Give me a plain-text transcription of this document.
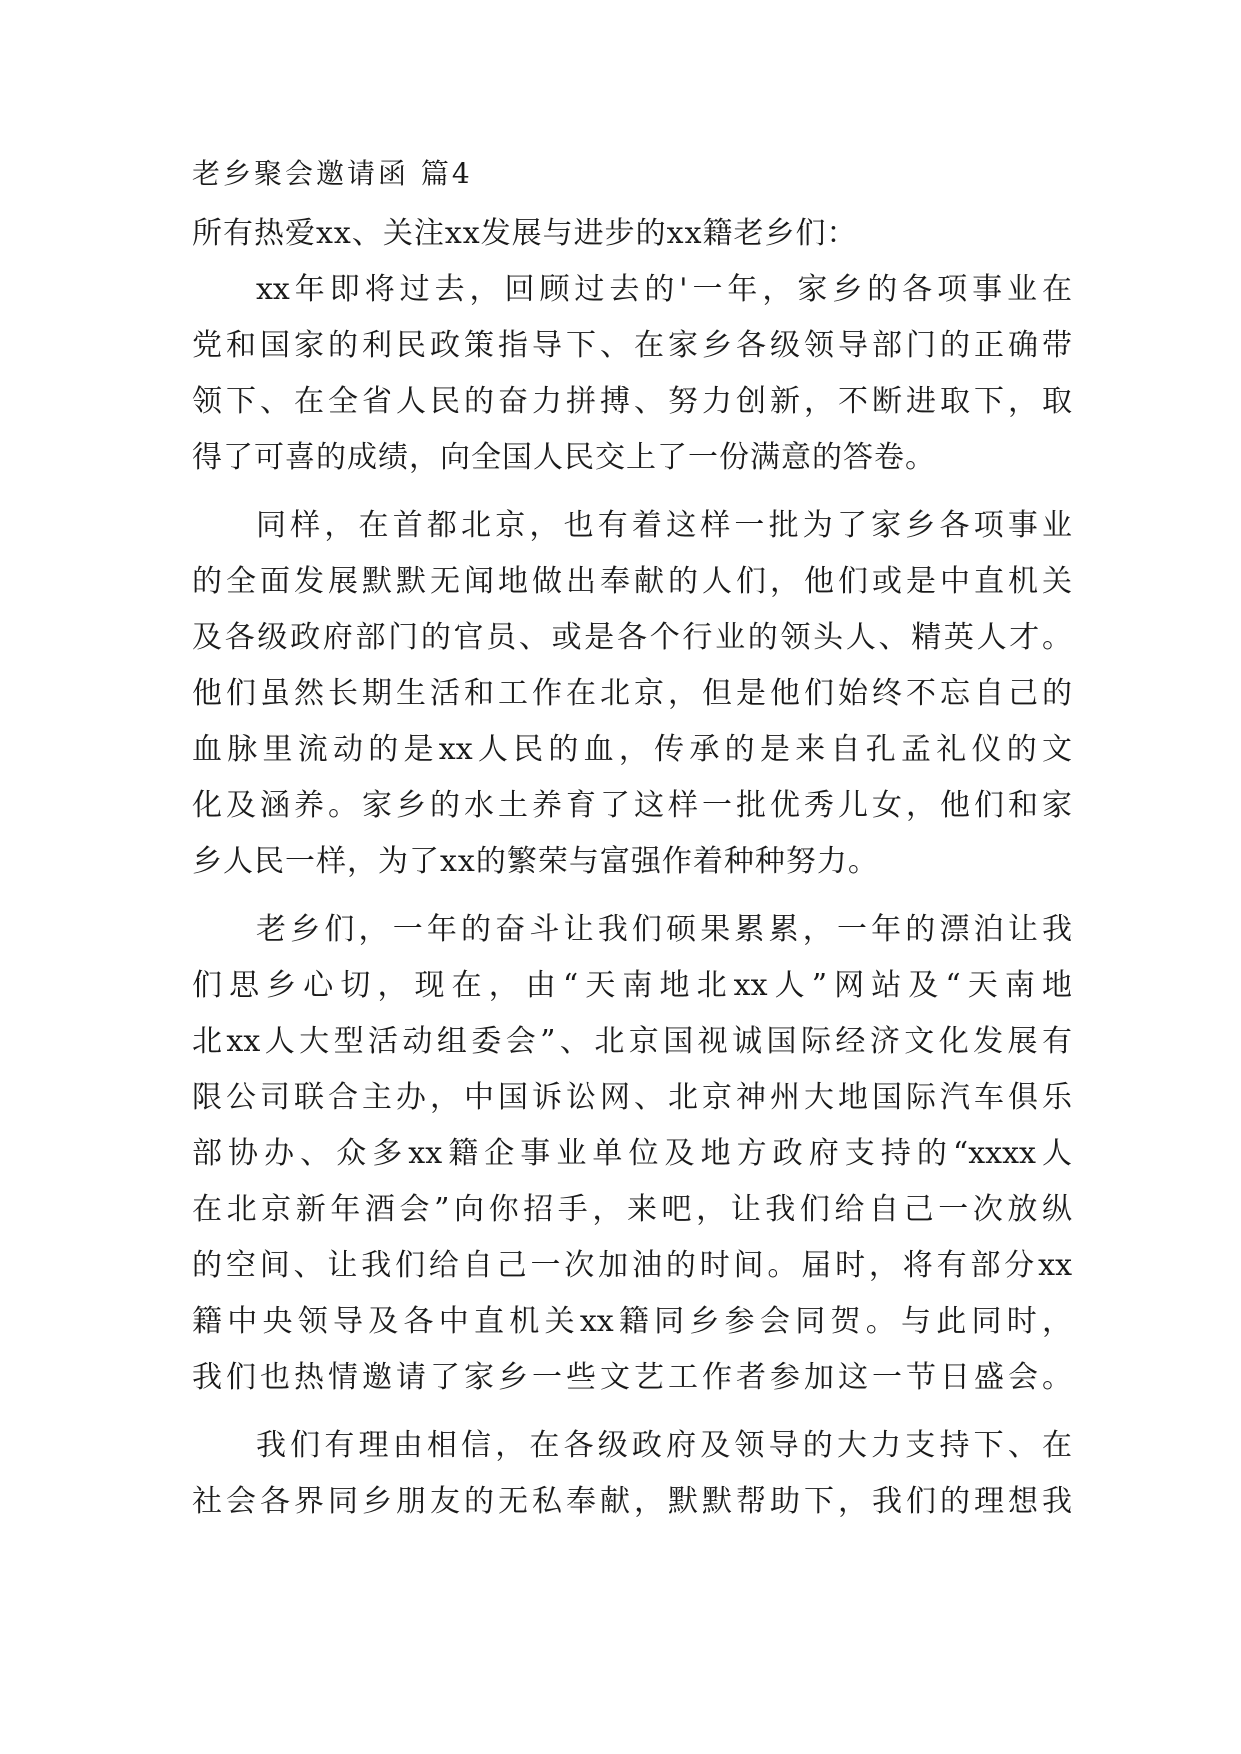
老乡聚会邀请函 篇4
所有热爱xx、关注xx发展与进步的xx籍老乡们：
xx年即将过去，回顾过去的'一年，家乡的各项事业在
党和国家的利民政策指导下、在家乡各级领导部门的正确带
领下、在全省人民的奋力拼搏、努力创新，不断进取下，取
得了可喜的成绩，向全国人民交上了一份满意的答卷。
同样，在首都北京，也有着这样一批为了家乡各项事业
的全面发展默默无闻地做出奉献的人们，他们或是中直机关
及各级政府部门的官员、或是各个行业的领头人、精英人才。
他们虽然长期生活和工作在北京，但是他们始终不忘自己的
血脉里流动的是xx人民的血，传承的是来自孔孟礼仪的文
化及涵养。家乡的水土养育了这样一批优秀儿女，他们和家
乡人民一样，为了xx的繁荣与富强作着种种努力。
老乡们，一年的奋斗让我们硕果累累，一年的漂泊让我
们思乡心切，现在，由“天南地北xx人”网站及“天南地
北xx人大型活动组委会”、北京国视诚国际经济文化发展有
限公司联合主办，中国诉讼网、北京神州大地国际汽车俱乐
部协办、众多xx籍企事业单位及地方政府支持的“xxxx人
在北京新年酒会”向你招手，来吧，让我们给自己一次放纵
的空间、让我们给自己一次加油的时间。届时，将有部分xx
籍中央领导及各中直机关xx籍同乡参会同贺。与此同时，
我们也热情邀请了家乡一些文艺工作者参加这一节日盛会。
我们有理由相信，在各级政府及领导的大力支持下、在
社会各界同乡朋友的无私奉献，默默帮助下，我们的理想我
